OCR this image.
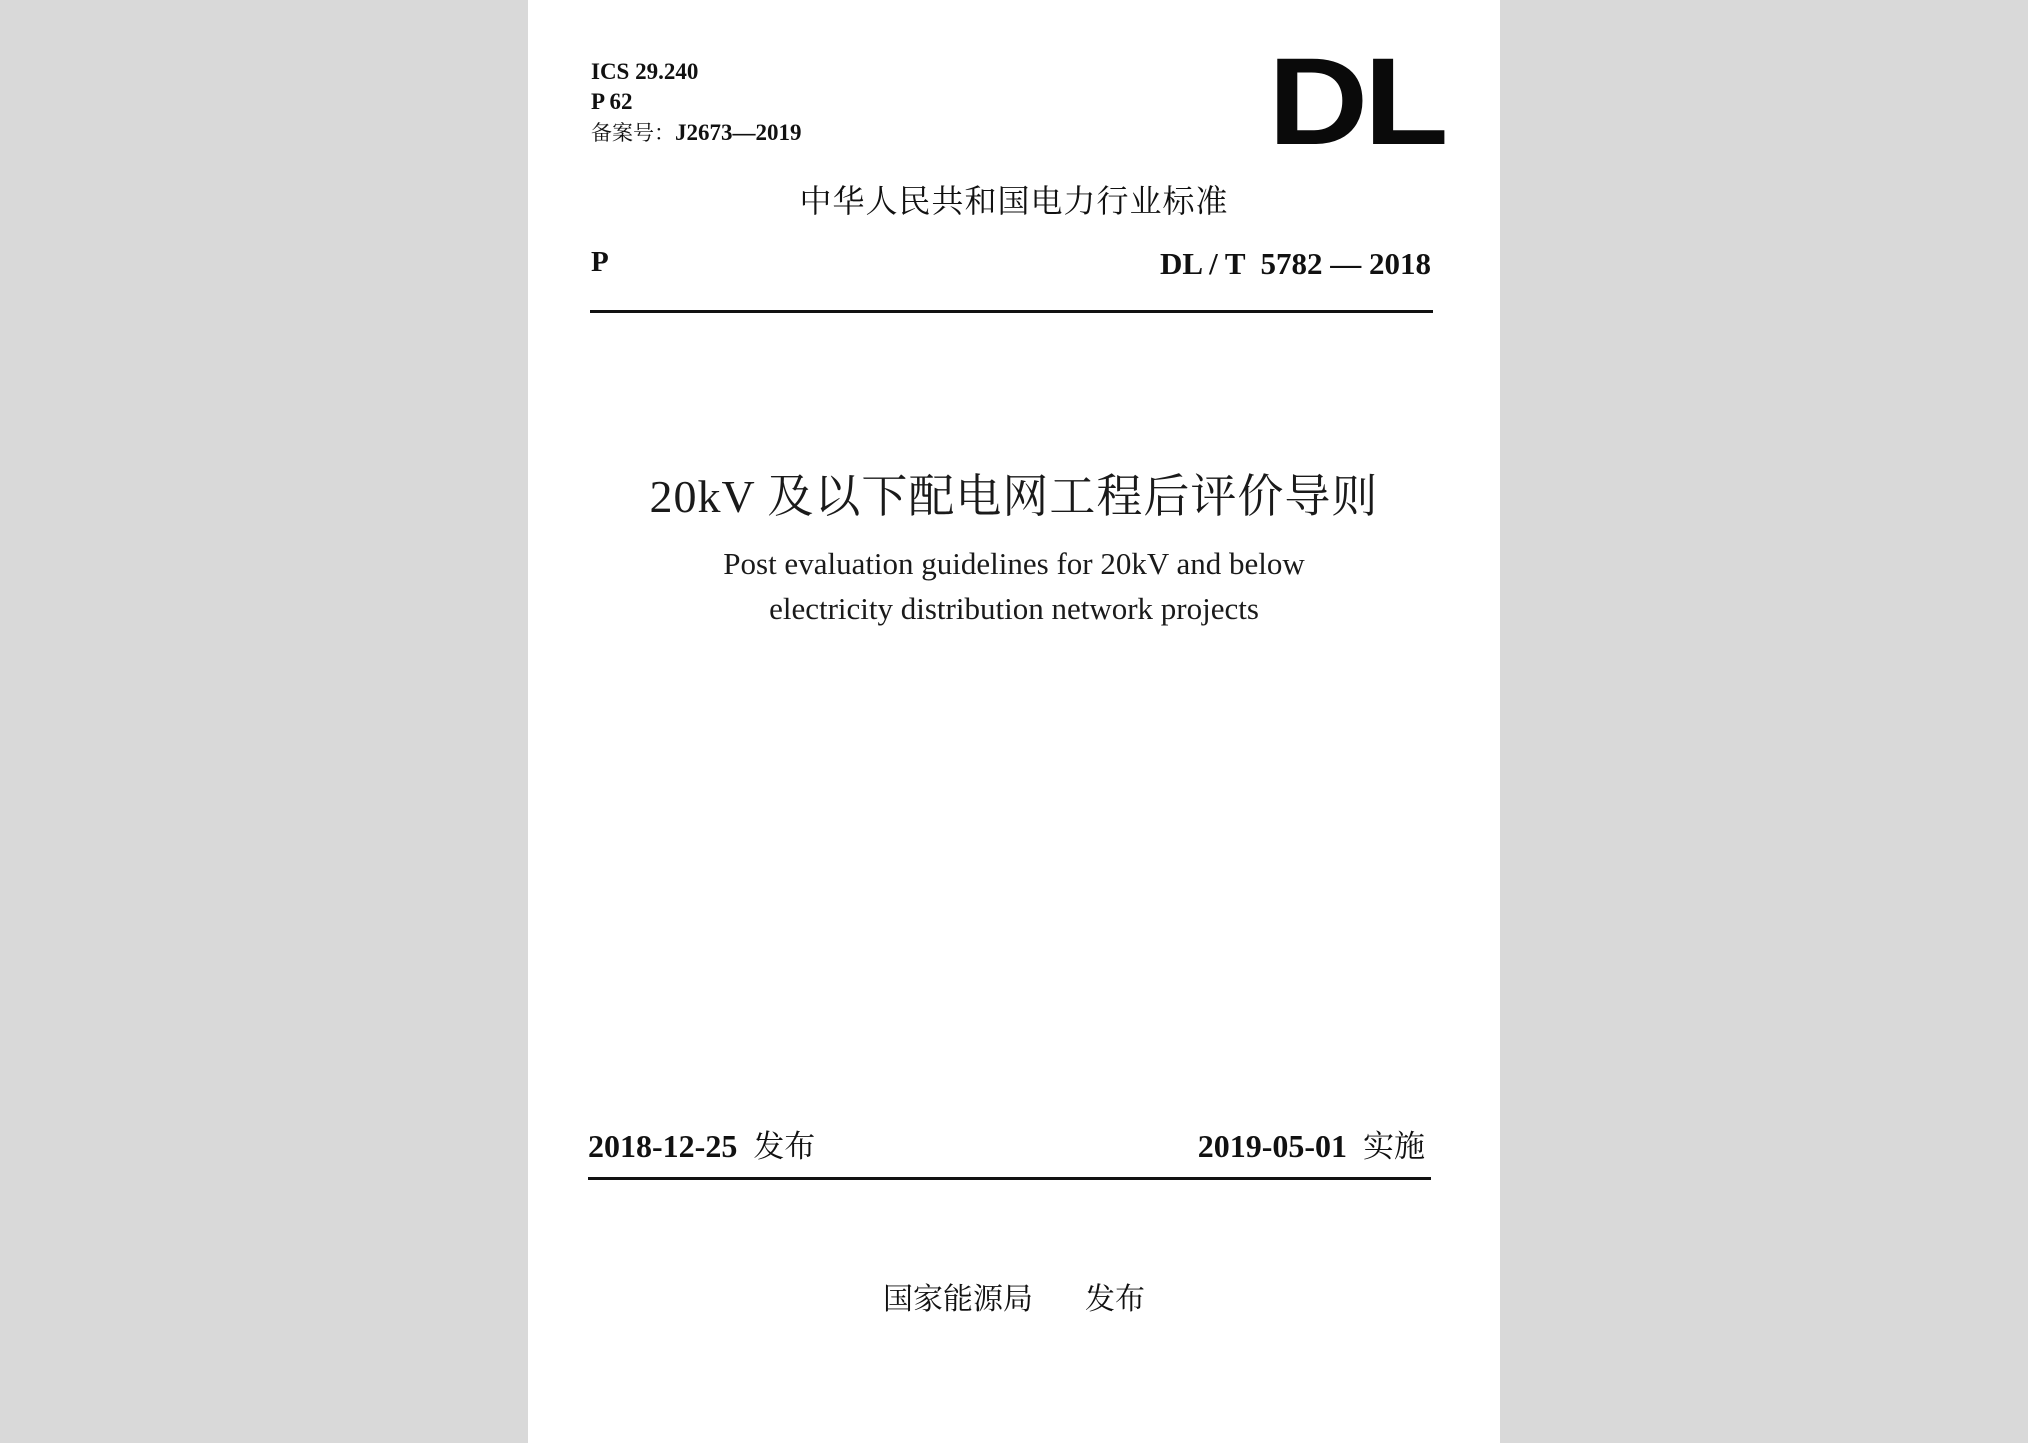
ICS 29.240
P 62
备案号：J2673—2019	DL
中华人民共和国电力行业标准
P	DL / T  5782 — 2018
20kV 及以下配电网工程后评价导则
Post evaluation guidelines for 20kV and below
electricity distribution network projects
2018-12-25 发布	2019-05-01 实施
国家能源局 发布
